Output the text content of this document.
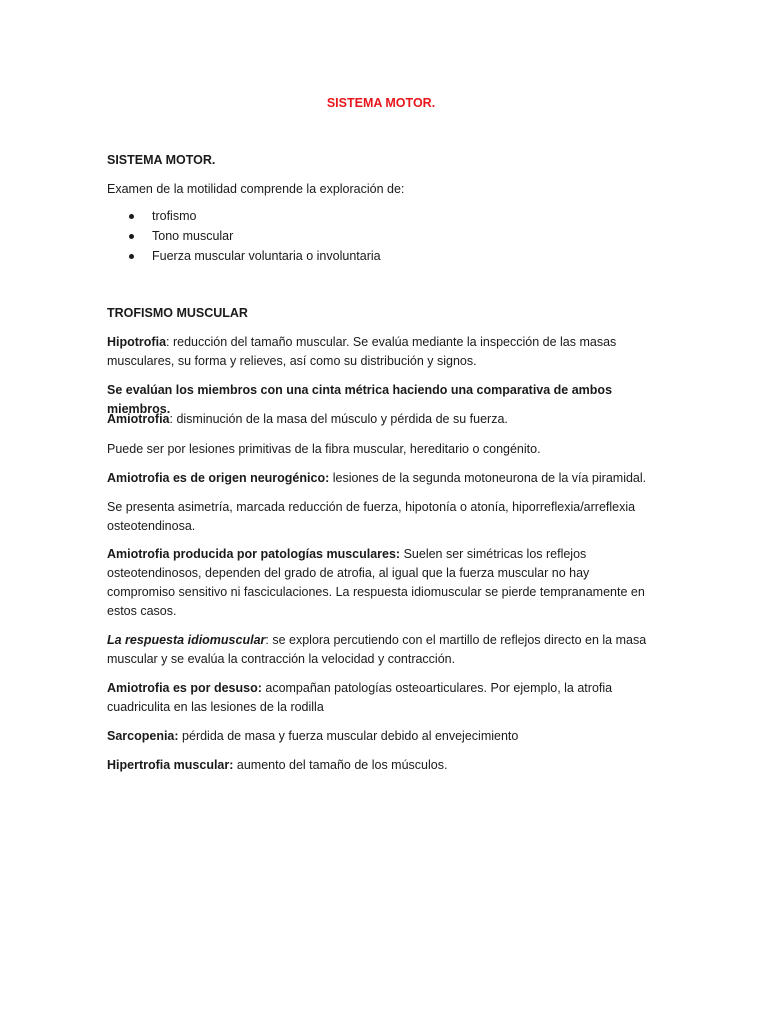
SISTEMA MOTOR.

SISTEMA MOTOR.

Examen de la motilidad comprende la exploración de:

trofismo
Tono muscular
Fuerza muscular voluntaria o involuntaria

TROFISMO MUSCULAR

Hipotrofia: reducción del tamaño muscular. Se evalúa mediante la inspección de las masas musculares, su forma y relieves, así como su distribución y signos.

Se evalúan los miembros con una cinta métrica haciendo una comparativa de ambos miembros.

Amiotrofia: disminución de la masa del músculo y pérdida de su fuerza.

Puede ser por lesiones primitivas de la fibra muscular, hereditario o congénito.

Amiotrofia es de origen neurogénico: lesiones de la segunda motoneurona de la vía piramidal.

Se presenta asimetría, marcada reducción de fuerza, hipotonía o atonía, hiporreflexia/arreflexia osteotendinosa.

Amiotrofia producida por patologías musculares: Suelen ser simétricas los reflejos osteotendinosos, dependen del grado de atrofia, al igual que la fuerza muscular no hay compromiso sensitivo ni fasciculaciones. La respuesta idiomuscular se pierde tempranamente en estos casos.

La respuesta idiomuscular: se explora percutiendo con el martillo de reflejos directo en la masa muscular y se evalúa la contracción la velocidad y contracción.

Amiotrofia es por desuso: acompañan patologías osteoarticulares. Por ejemplo, la atrofia cuadriculita en las lesiones de la rodilla

Sarcopenia: pérdida de masa y fuerza muscular debido al envejecimiento

Hipertrofia muscular: aumento del tamaño de los músculos.
